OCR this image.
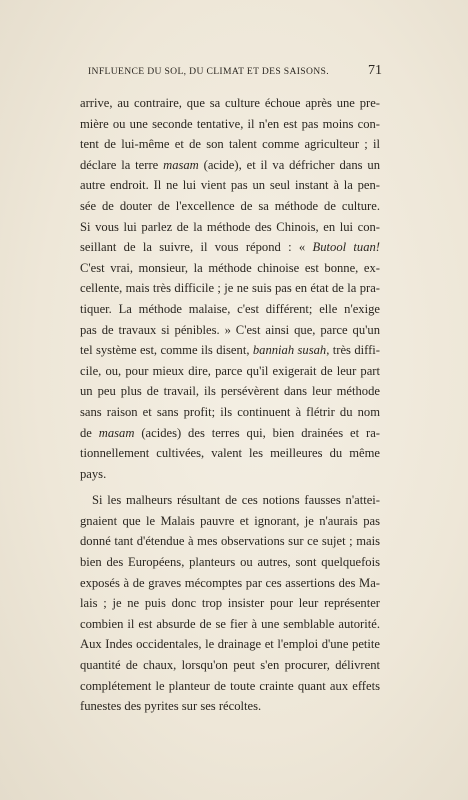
INFLUENCE DU SOL, DU CLIMAT ET DES SAISONS.	71
arrive, au contraire, que sa culture échoue après une pre-
mière ou une seconde tentative, il n'en est pas moins con-
tent de lui-même et de son talent comme agriculteur ; il
déclare la terre masam (acide), et il va défricher dans un
autre endroit. Il ne lui vient pas un seul instant à la pen-
sée de douter de l'excellence de sa méthode de culture.
Si vous lui parlez de la méthode des Chinois, en lui con-
seillant de la suivre, il vous répond : « Butool tuan!
C'est vrai, monsieur, la méthode chinoise est bonne, ex-
cellente, mais très difficile ; je ne suis pas en état de la pra-
tiquer. La méthode malaise, c'est différent; elle n'exige
pas de travaux si pénibles. » C'est ainsi que, parce qu'un
tel système est, comme ils disent, banniah susah, très diffi-
cile, ou, pour mieux dire, parce qu'il exigerait de leur part
un peu plus de travail, ils persévèrent dans leur méthode
sans raison et sans profit; ils continuent à flétrir du nom
de masam (acides) des terres qui, bien drainées et ra-
tionnellement cultivées, valent les meilleures du même
pays.
Si les malheurs résultant de ces notions fausses n'attei-
gnaient que le Malais pauvre et ignorant, je n'aurais pas
donné tant d'étendue à mes observations sur ce sujet ; mais
bien des Européens, planteurs ou autres, sont quelquefois
exposés à de graves mécomptes par ces assertions des Ma-
lais ; je ne puis donc trop insister pour leur représenter
combien il est absurde de se fier à une semblable autorité.
Aux Indes occidentales, le drainage et l'emploi d'une petite
quantité de chaux, lorsqu'on peut s'en procurer, délivrent
complétement le planteur de toute crainte quant aux effets
funestes des pyrites sur ses récoltes.
